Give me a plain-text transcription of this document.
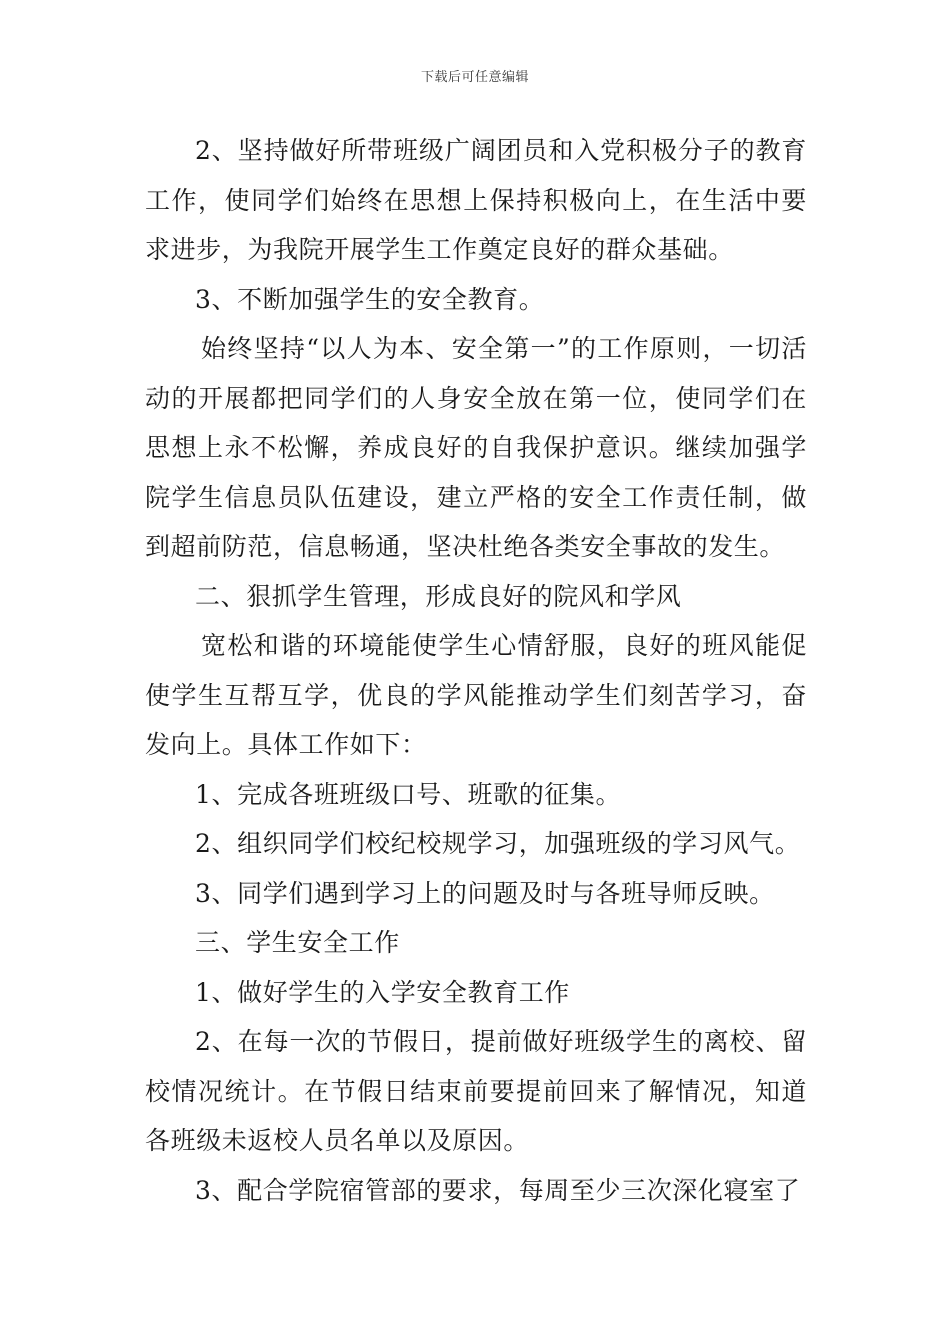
下载后可任意编辑

2、坚持做好所带班级广阔团员和入党积极分子的教育工作，使同学们始终在思想上保持积极向上，在生活中要求进步，为我院开展学生工作奠定良好的群众基础。

3、不断加强学生的安全教育。

始终坚持“以人为本、安全第一”的工作原则，一切活动的开展都把同学们的人身安全放在第一位，使同学们在思想上永不松懈，养成良好的自我保护意识。继续加强学院学生信息员队伍建设，建立严格的安全工作责任制，做到超前防范，信息畅通，坚决杜绝各类安全事故的发生。

二、狠抓学生管理，形成良好的院风和学风

宽松和谐的环境能使学生心情舒服，良好的班风能促使学生互帮互学，优良的学风能推动学生们刻苦学习，奋发向上。具体工作如下：

1、完成各班班级口号、班歌的征集。

2、组织同学们校纪校规学习，加强班级的学习风气。

3、同学们遇到学习上的问题及时与各班导师反映。

三、学生安全工作

1、做好学生的入学安全教育工作

2、在每一次的节假日，提前做好班级学生的离校、留校情况统计。在节假日结束前要提前回来了解情况，知道各班级未返校人员名单以及原因。

3、配合学院宿管部的要求，每周至少三次深化寝室了
